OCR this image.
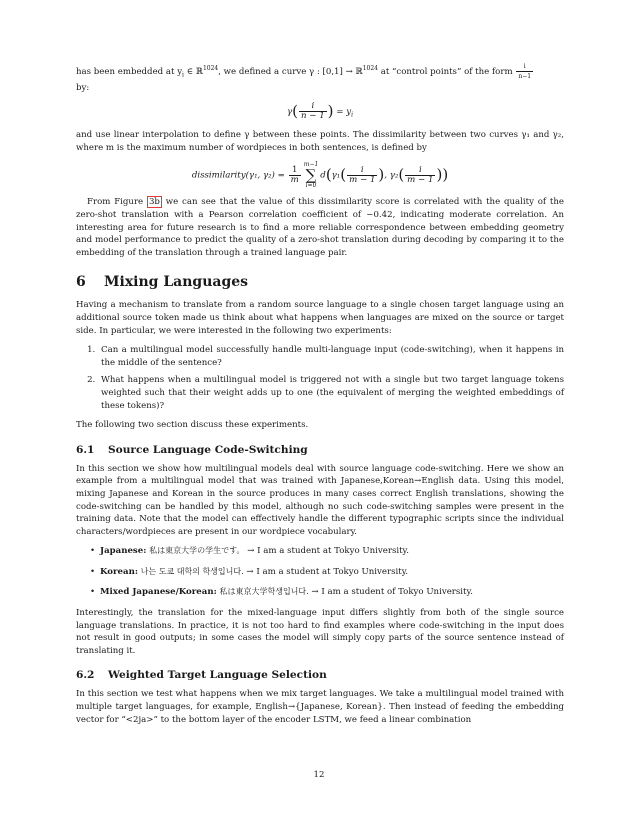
has been embedded at $y_i$ ∈ ℝ$^{1024}$, we defined a curve γ : [0,1] → ℝ$^{1024}$ at “control points” of the form $\frac{i}{n-1}$

by:

$\gamma( \frac{i}{n - 1}$ ) = $y_i$

and use linear interpolation to define γ between these points. The dissimilarity between two curves γ₁ and γ₂, where m is the maximum number of wordpieces in both sentences, is defined by

dissimilarity(γ₁, $\gamma_2) = \frac{1}{m}$
m−1
∑
i=0
$d(\gamma_1( \frac{i}{m - 1}$ ), $\gamma_2( \frac{i}{m - 1}$ ))

From Figure 3b we can see that the value of this dissimilarity score is correlated with the quality of the zero-shot translation with a Pearson correlation coefficient of −0.42, indicating moderate correlation. An interesting area for future research is to find a more reliable correspondence between embedding geometry and model performance to predict the quality of a zero-shot translation during decoding by comparing it to the embedding of the translation through a trained language pair.

6 Mixing Languages

Having a mechanism to translate from a random source language to a single chosen target language using an additional source token made us think about what happens when languages are mixed on the source or target side. In particular, we were interested in the following two experiments:

1. Can a multilingual model successfully handle multi-language input (code-switching), when it happens in the middle of the sentence?
2. What happens when a multilingual model is triggered not with a single but two target language tokens weighted such that their weight adds up to one (the equivalent of merging the weighted embeddings of these tokens)?

The following two section discuss these experiments.

6.1 Source Language Code-Switching

In this section we show how multilingual models deal with source language code-switching. Here we show an example from a multilingual model that was trained with Japanese,Korean→English data. Using this model, mixing Japanese and Korean in the source produces in many cases correct English translations, showing the code-switching can be handled by this model, although no such code-switching samples were present in the training data. Note that the model can effectively handle the different typographic scripts since the individual characters/wordpieces are present in our wordpiece vocabulary.

• Japanese: 私は東京大学の学生です。 → I am a student at Tokyo University.
• Korean: 나는 도쿄 대학의 학생입니다. → I am a student at Tokyo University.
• Mixed Japanese/Korean: 私は東京大学학생입니다. → I am a student of Tokyo University.

Interestingly, the translation for the mixed-language input differs slightly from both of the single source language translations. In practice, it is not too hard to find examples where code-switching in the input does not result in good outputs; in some cases the model will simply copy parts of the source sentence instead of translating it.

6.2 Weighted Target Language Selection

In this section we test what happens when we mix target languages. We take a multilingual model trained with multiple target languages, for example, English→{Japanese, Korean}. Then instead of feeding the embedding vector for “<2ja>” to the bottom layer of the encoder LSTM, we feed a linear combination

12
